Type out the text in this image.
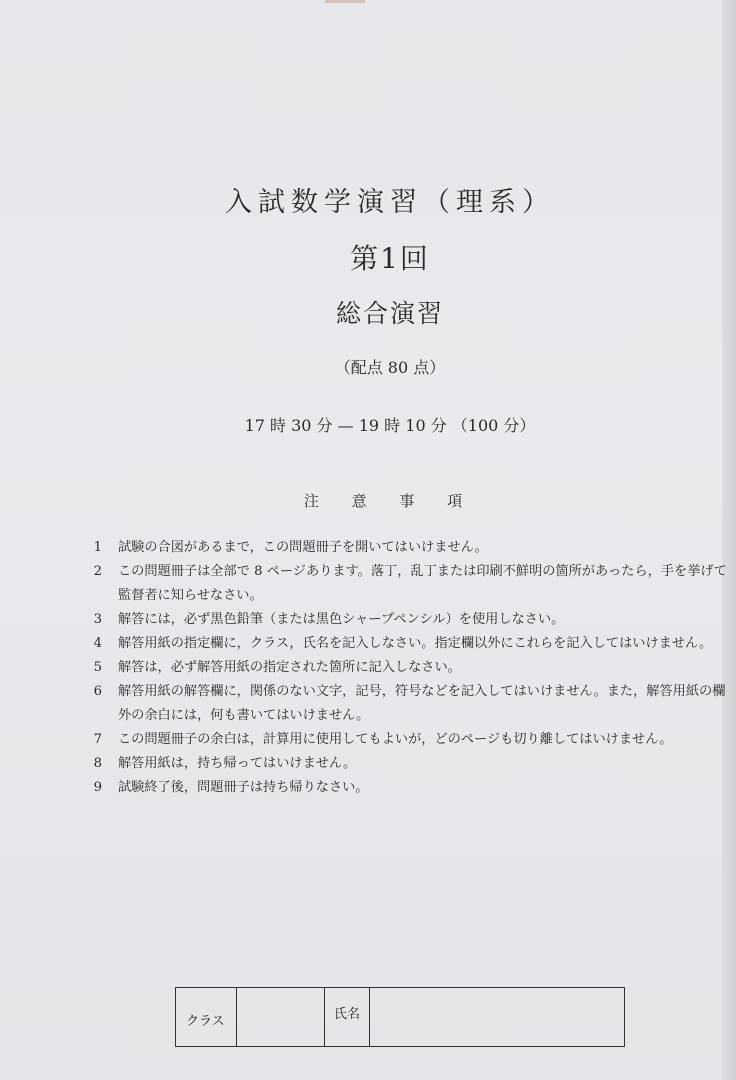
入試数学演習（理系）
第1回
総合演習
（配点 80 点）
17 時 30 分 — 19 時 10 分 （100 分）
注 意 事 項
1 試験の合図があるまで，この問題冊子を開いてはいけません。
2 この問題冊子は全部で 8 ページあります。落丁，乱丁または印刷不鮮明の箇所があったら，手を挙げて監督者に知らせなさい。
3 解答には，必ず黒色鉛筆（または黒色シャープペンシル）を使用しなさい。
4 解答用紙の指定欄に，クラス，氏名を記入しなさい。指定欄以外にこれらを記入してはいけません。
5 解答は，必ず解答用紙の指定された箇所に記入しなさい。
6 解答用紙の解答欄に，関係のない文字，記号，符号などを記入してはいけません。また，解答用紙の欄外の余白には，何も書いてはいけません。
7 この問題冊子の余白は，計算用に使用してもよいが，どのページも切り離してはいけません。
8 解答用紙は，持ち帰ってはいけません。
9 試験終了後，問題冊子は持ち帰りなさい。
クラス	氏名
